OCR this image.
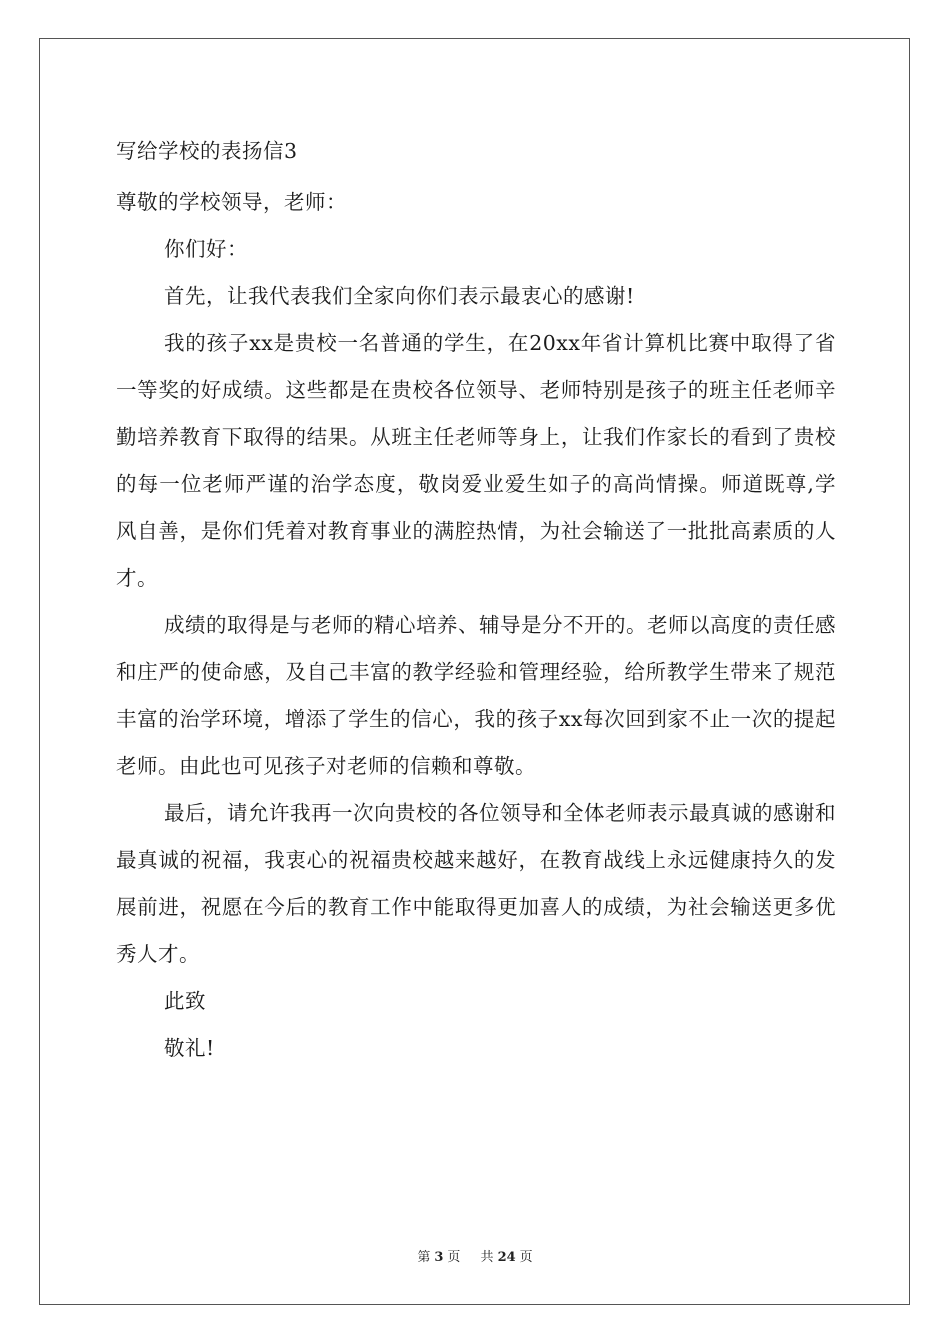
写给学校的表扬信3

尊敬的学校领导，老师：

你们好：

首先，让我代表我们全家向你们表示最衷心的感谢!

我的孩子xx是贵校一名普通的学生，在20xx年省计算机比赛中取得了省一等奖的好成绩。这些都是在贵校各位领导、老师特别是孩子的班主任老师辛勤培养教育下取得的结果。从班主任老师等身上，让我们作家长的看到了贵校的每一位老师严谨的治学态度，敬岗爱业爱生如子的高尚情操。师道既尊,学风自善，是你们凭着对教育事业的满腔热情，为社会输送了一批批高素质的人才。

成绩的取得是与老师的精心培养、辅导是分不开的。老师以高度的责任感和庄严的使命感，及自己丰富的教学经验和管理经验，给所教学生带来了规范丰富的治学环境，增添了学生的信心，我的孩子xx每次回到家不止一次的提起老师。由此也可见孩子对老师的信赖和尊敬。

最后，请允许我再一次向贵校的各位领导和全体老师表示最真诚的感谢和最真诚的祝福，我衷心的祝福贵校越来越好，在教育战线上永远健康持久的发展前进，祝愿在今后的教育工作中能取得更加喜人的成绩，为社会输送更多优秀人才。

此致

敬礼!

第 3 页 共 24 页
